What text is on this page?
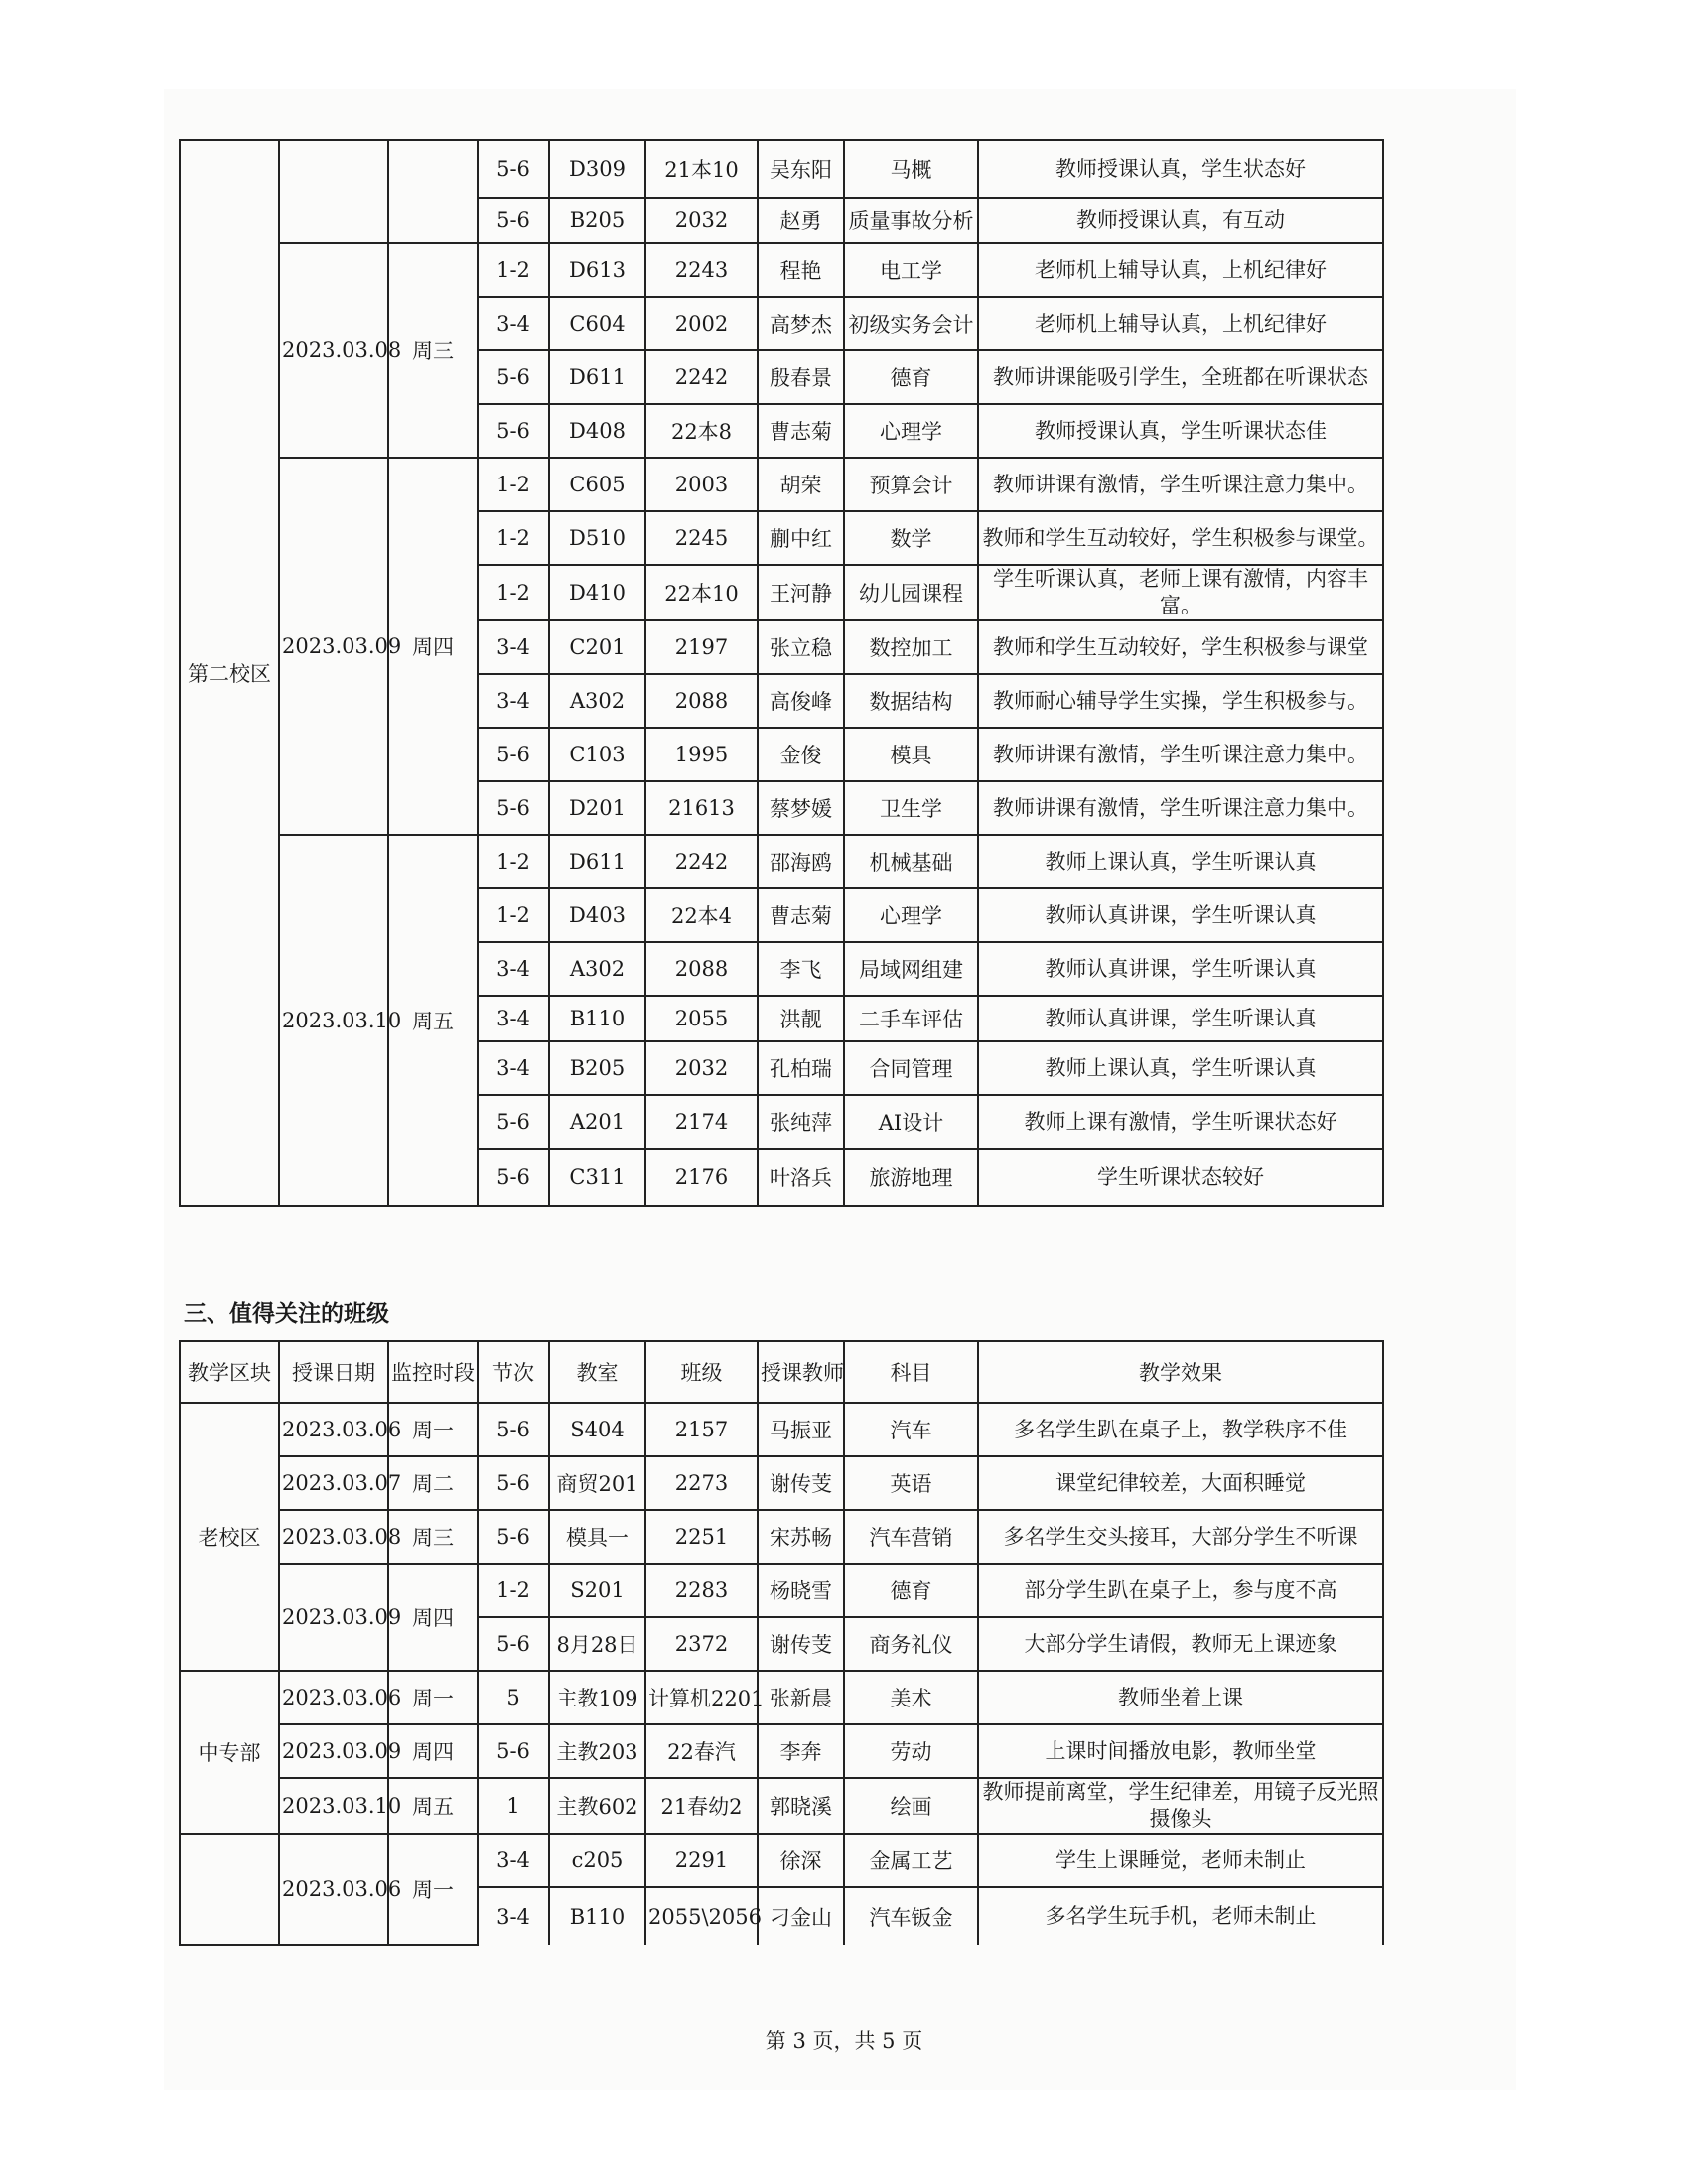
第二校区			5-6	D309	21本10	吴东阳	马概	教师授课认真，学生状态好
			5-6	B205	2032	赵勇	质量事故分析	教师授课认真，有互动
	2023.03.08	周三	1-2	D613	2243	程艳	电工学	老师机上辅导认真，上机纪律好
			3-4	C604	2002	高梦杰	初级实务会计	老师机上辅导认真，上机纪律好
			5-6	D611	2242	殷春景	德育	教师讲课能吸引学生，全班都在听课状态
			5-6	D408	22本8	曹志菊	心理学	教师授课认真，学生听课状态佳
	2023.03.09	周四	1-2	C605	2003	胡荣	预算会计	教师讲课有激情，学生听课注意力集中。
			1-2	D510	2245	蒯中红	数学	教师和学生互动较好，学生积极参与课堂。
			1-2	D410	22本10	王河静	幼儿园课程	学生听课认真，老师上课有激情，内容丰富。
			3-4	C201	2197	张立稳	数控加工	教师和学生互动较好，学生积极参与课堂
			3-4	A302	2088	高俊峰	数据结构	教师耐心辅导学生实操，学生积极参与。
			5-6	C103	1995	金俊	模具	教师讲课有激情，学生听课注意力集中。
			5-6	D201	21613	蔡梦媛	卫生学	教师讲课有激情，学生听课注意力集中。
	2023.03.10	周五	1-2	D611	2242	邵海鸥	机械基础	教师上课认真，学生听课认真
			1-2	D403	22本4	曹志菊	心理学	教师认真讲课，学生听课认真
			3-4	A302	2088	李飞	局域网组建	教师认真讲课，学生听课认真
			3-4	B110	2055	洪靓	二手车评估	教师认真讲课，学生听课认真
			3-4	B205	2032	孔柏瑞	合同管理	教师上课认真，学生听课认真
			5-6	A201	2174	张纯萍	AI设计	教师上课有激情，学生听课状态好
			5-6	C311	2176	叶洛兵	旅游地理	学生听课状态较好
三、值得关注的班级
教学区块	授课日期	监控时段	节次	教室	班级	授课教师	科目	教学效果
老校区	2023.03.06	周一	5-6	S404	2157	马振亚	汽车	多名学生趴在桌子上，教学秩序不佳
	2023.03.07	周二	5-6	商贸201	2273	谢传芰	英语	课堂纪律较差，大面积睡觉
	2023.03.08	周三	5-6	模具一	2251	宋苏畅	汽车营销	多名学生交头接耳，大部分学生不听课
	2023.03.09	周四	1-2	S201	2283	杨晓雪	德育	部分学生趴在桌子上，参与度不高
			5-6	8月28日	2372	谢传芰	商务礼仪	大部分学生请假，教师无上课迹象
中专部	2023.03.06	周一	5	主教109	计算机2201	张新晨	美术	教师坐着上课
	2023.03.09	周四	5-6	主教203	22春汽	李奔	劳动	上课时间播放电影，教师坐堂
	2023.03.10	周五	1	主教602	21春幼2	郭晓溪	绘画	教师提前离堂，学生纪律差，用镜子反光照摄像头
	2023.03.06	周一	3-4	c205	2291	徐深	金属工艺	学生上课睡觉，老师未制止
			3-4	B110	2055\2056	刁金山	汽车钣金	多名学生玩手机，老师未制止
第 3 页，共 5 页
